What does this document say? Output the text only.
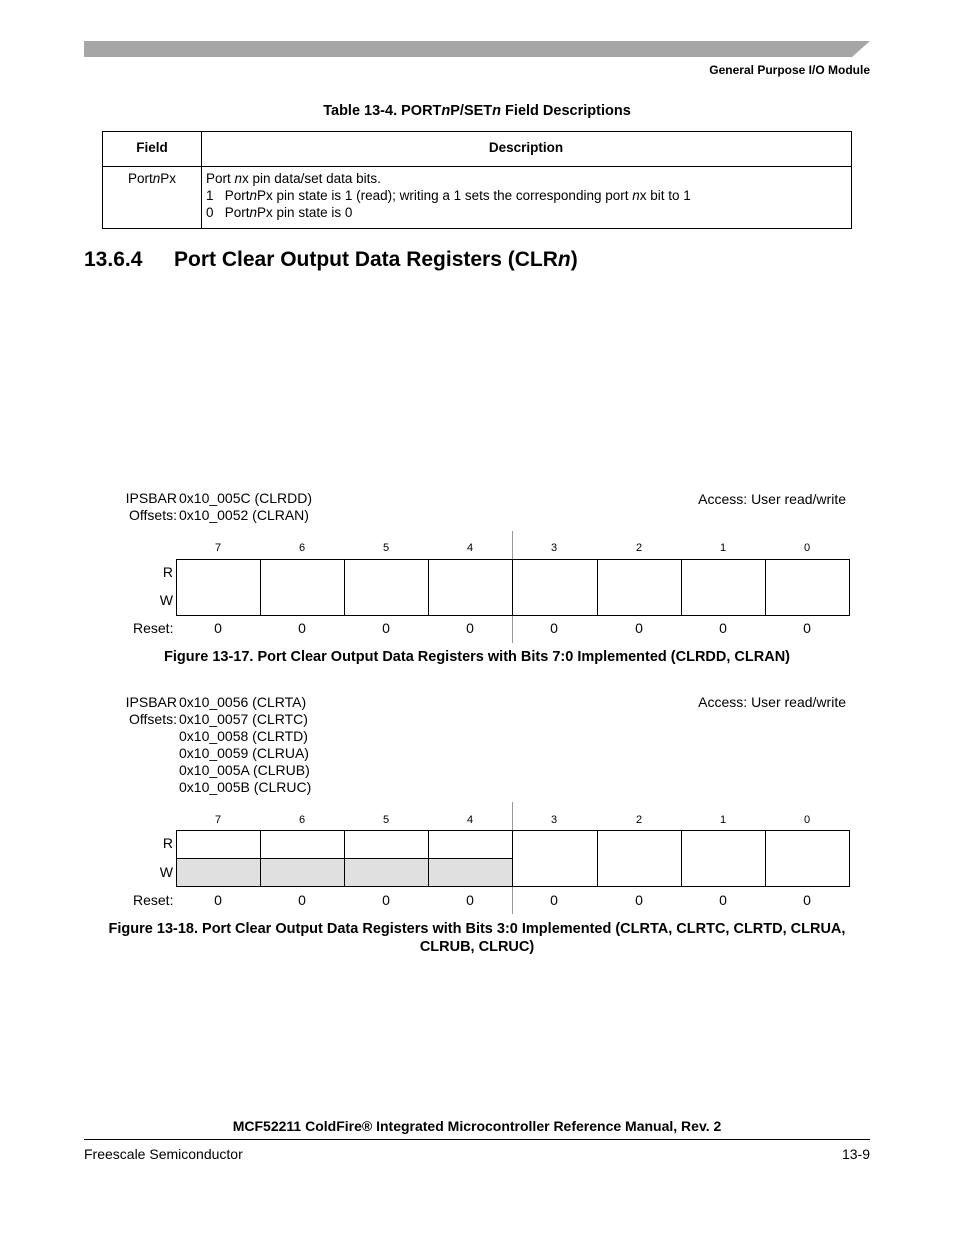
General Purpose I/O Module
Table 13-4. PORTnP/SETn Field Descriptions
Field	Description
PortnPx	Port nx pin data/set data bits.
1   PortnPx pin state is 1 (read); writing a 1 sets the corresponding port nx bit to 1
0   PortnPx pin state is 0
13.6.4 Port Clear Output Data Registers (CLRn)
IPSBAR
Offsets:
0x10_005C (CLRDD)
0x10_0052 (CLRAN)
Access: User read/write
7	6	5	4	3	2	1	0
R
W
Reset:	0	0	0	0	0	0	0	0
Figure 13-17. Port Clear Output Data Registers with Bits 7:0 Implemented (CLRDD, CLRAN)
IPSBAR
Offsets:
0x10_0056 (CLRTA)
0x10_0057 (CLRTC)
0x10_0058 (CLRTD)
0x10_0059 (CLRUA)
0x10_005A (CLRUB)
0x10_005B (CLRUC)
Access: User read/write
7	6	5	4	3	2	1	0
R
W
Reset:	0	0	0	0	0	0	0	0
Figure 13-18. Port Clear Output Data Registers with Bits 3:0 Implemented (CLRTA, CLRTC, CLRTD, CLRUA,
CLRUB, CLRUC)
MCF52211 ColdFire® Integrated Microcontroller Reference Manual, Rev. 2
Freescale Semiconductor	13-9
